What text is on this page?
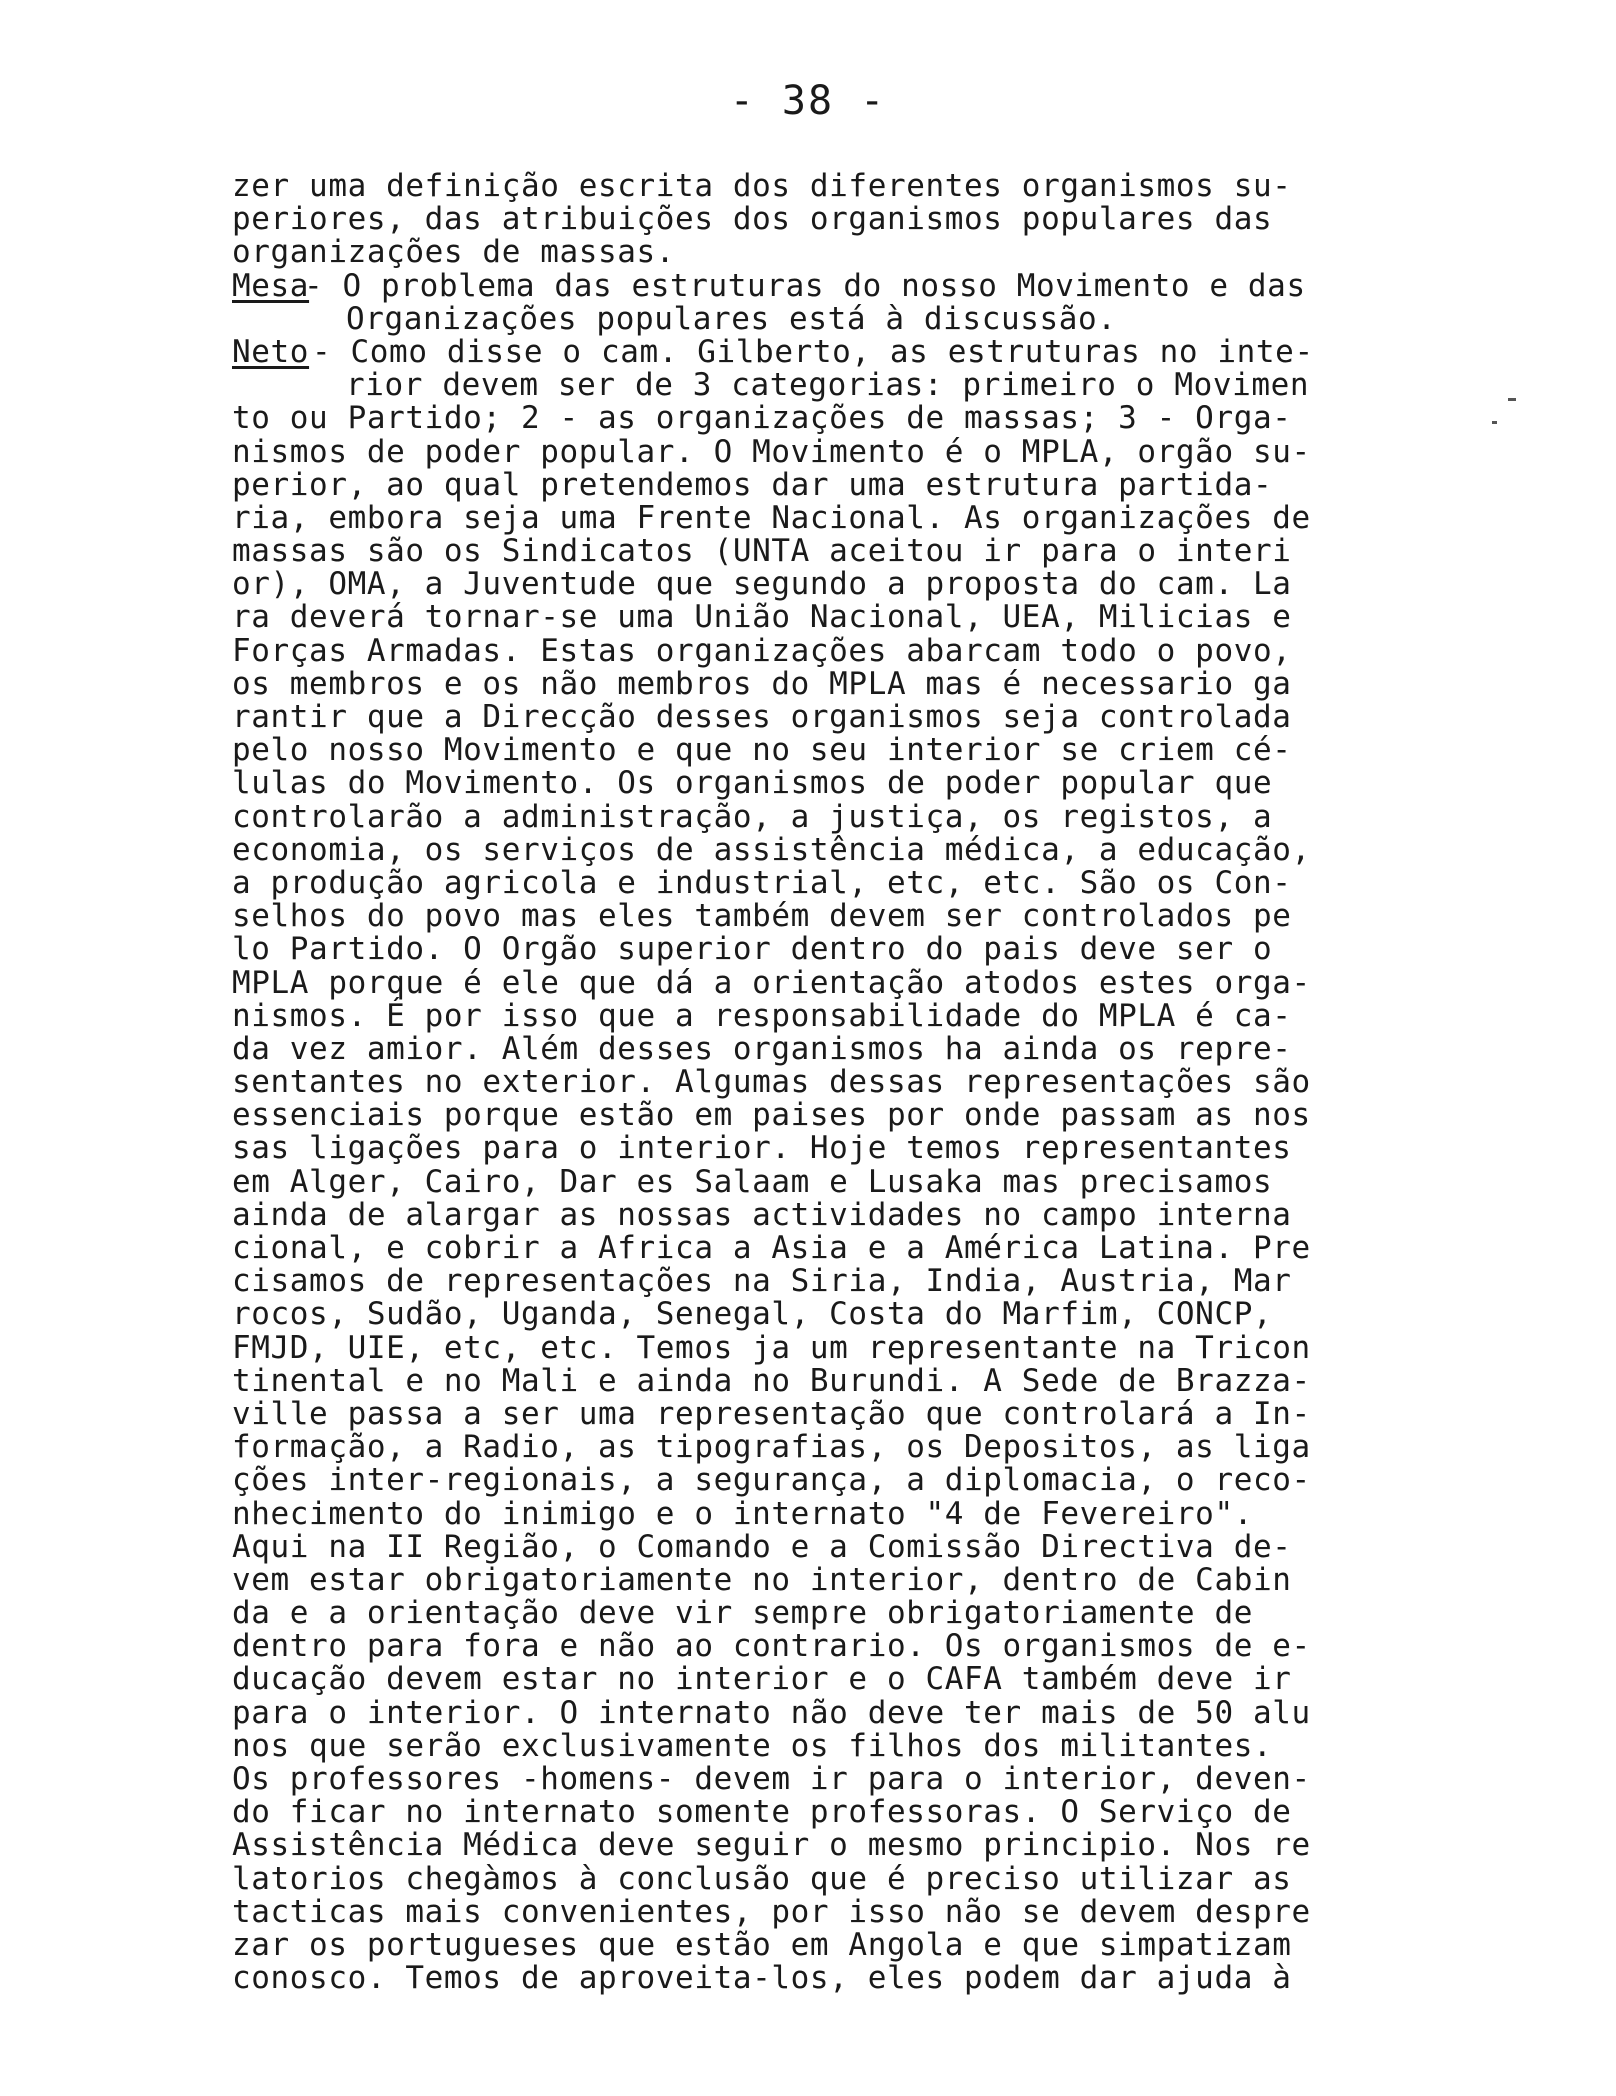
- 38 -
zer uma definição escrita dos diferentes organismos su-
periores, das atribuições dos organismos populares das
organizações de massas.
Mesa
- O problema das estruturas do nosso Movimento e das
Organizações populares está à discussão.
Neto - Como disse o cam. Gilberto, as estruturas no inte-
rior devem ser de 3 categorias: primeiro o Movimen
to ou Partido; 2 - as organizações de massas; 3 - Orga-
nismos de poder popular. O Movimento é o MPLA, orgão su-
perior, ao qual pretendemos dar uma estrutura partida-
ria, embora seja uma Frente Nacional. As organizações de
massas são os Sindicatos (UNTA aceitou ir para o interi
or), OMA, a Juventude que segundo a proposta do cam. La
ra deverá tornar-se uma União Nacional, UEA, Milicias e
Forças Armadas. Estas organizações abarcam todo o povo,
os membros e os não membros do MPLA mas é necessario ga
rantir que a Direcção desses organismos seja controlada
pelo nosso Movimento e que no seu interior se criem cé-
lulas do Movimento. Os organismos de poder popular que
controlarão a administração, a justiça, os registos, a
economia, os serviços de assistência médica, a educação,
a produção agricola e industrial, etc, etc. São os Con-
selhos do povo mas eles também devem ser controlados pe
lo Partido. O Orgão superior dentro do pais deve ser o
MPLA porque é ele que dá a orientação atodos estes orga-
nismos. É por isso que a responsabilidade do MPLA é ca-
da vez amior. Além desses organismos ha ainda os repre-
sentantes no exterior. Algumas dessas representações são
essenciais porque estão em paises por onde passam as nos
sas ligações para o interior. Hoje temos representantes
em Alger, Cairo, Dar es Salaam e Lusaka mas precisamos
ainda de alargar as nossas actividades no campo interna
cional, e cobrir a Africa a Asia e a América Latina. Pre
cisamos de representações na Siria, India, Austria, Mar
rocos, Sudão, Uganda, Senegal, Costa do Marfim, CONCP,
FMJD, UIE, etc, etc. Temos ja um representante na Tricon
tinental e no Mali e ainda no Burundi. A Sede de Brazza-
ville passa a ser uma representação que controlará a In-
formação, a Radio, as tipografias, os Depositos, as liga
ções inter-regionais, a segurança, a diplomacia, o reco-
nhecimento do inimigo e o internato "4 de Fevereiro".
Aqui na II Região, o Comando e a Comissão Directiva de-
vem estar obrigatoriamente no interior, dentro de Cabin
da e a orientação deve vir sempre obrigatoriamente de
dentro para fora e não ao contrario. Os organismos de e-
ducação devem estar no interior e o CAFA também deve ir
para o interior. O internato não deve ter mais de 50 alu
nos que serão exclusivamente os filhos dos militantes.
Os professores -homens- devem ir para o interior, deven-
do ficar no internato somente professoras. O Serviço de
Assistência Médica deve seguir o mesmo principio. Nos re
latorios chegàmos à conclusão que é preciso utilizar as
tacticas mais convenientes, por isso não se devem despre
zar os portugueses que estão em Angola e que simpatizam
conosco. Temos de aproveita-los, eles podem dar ajuda à
